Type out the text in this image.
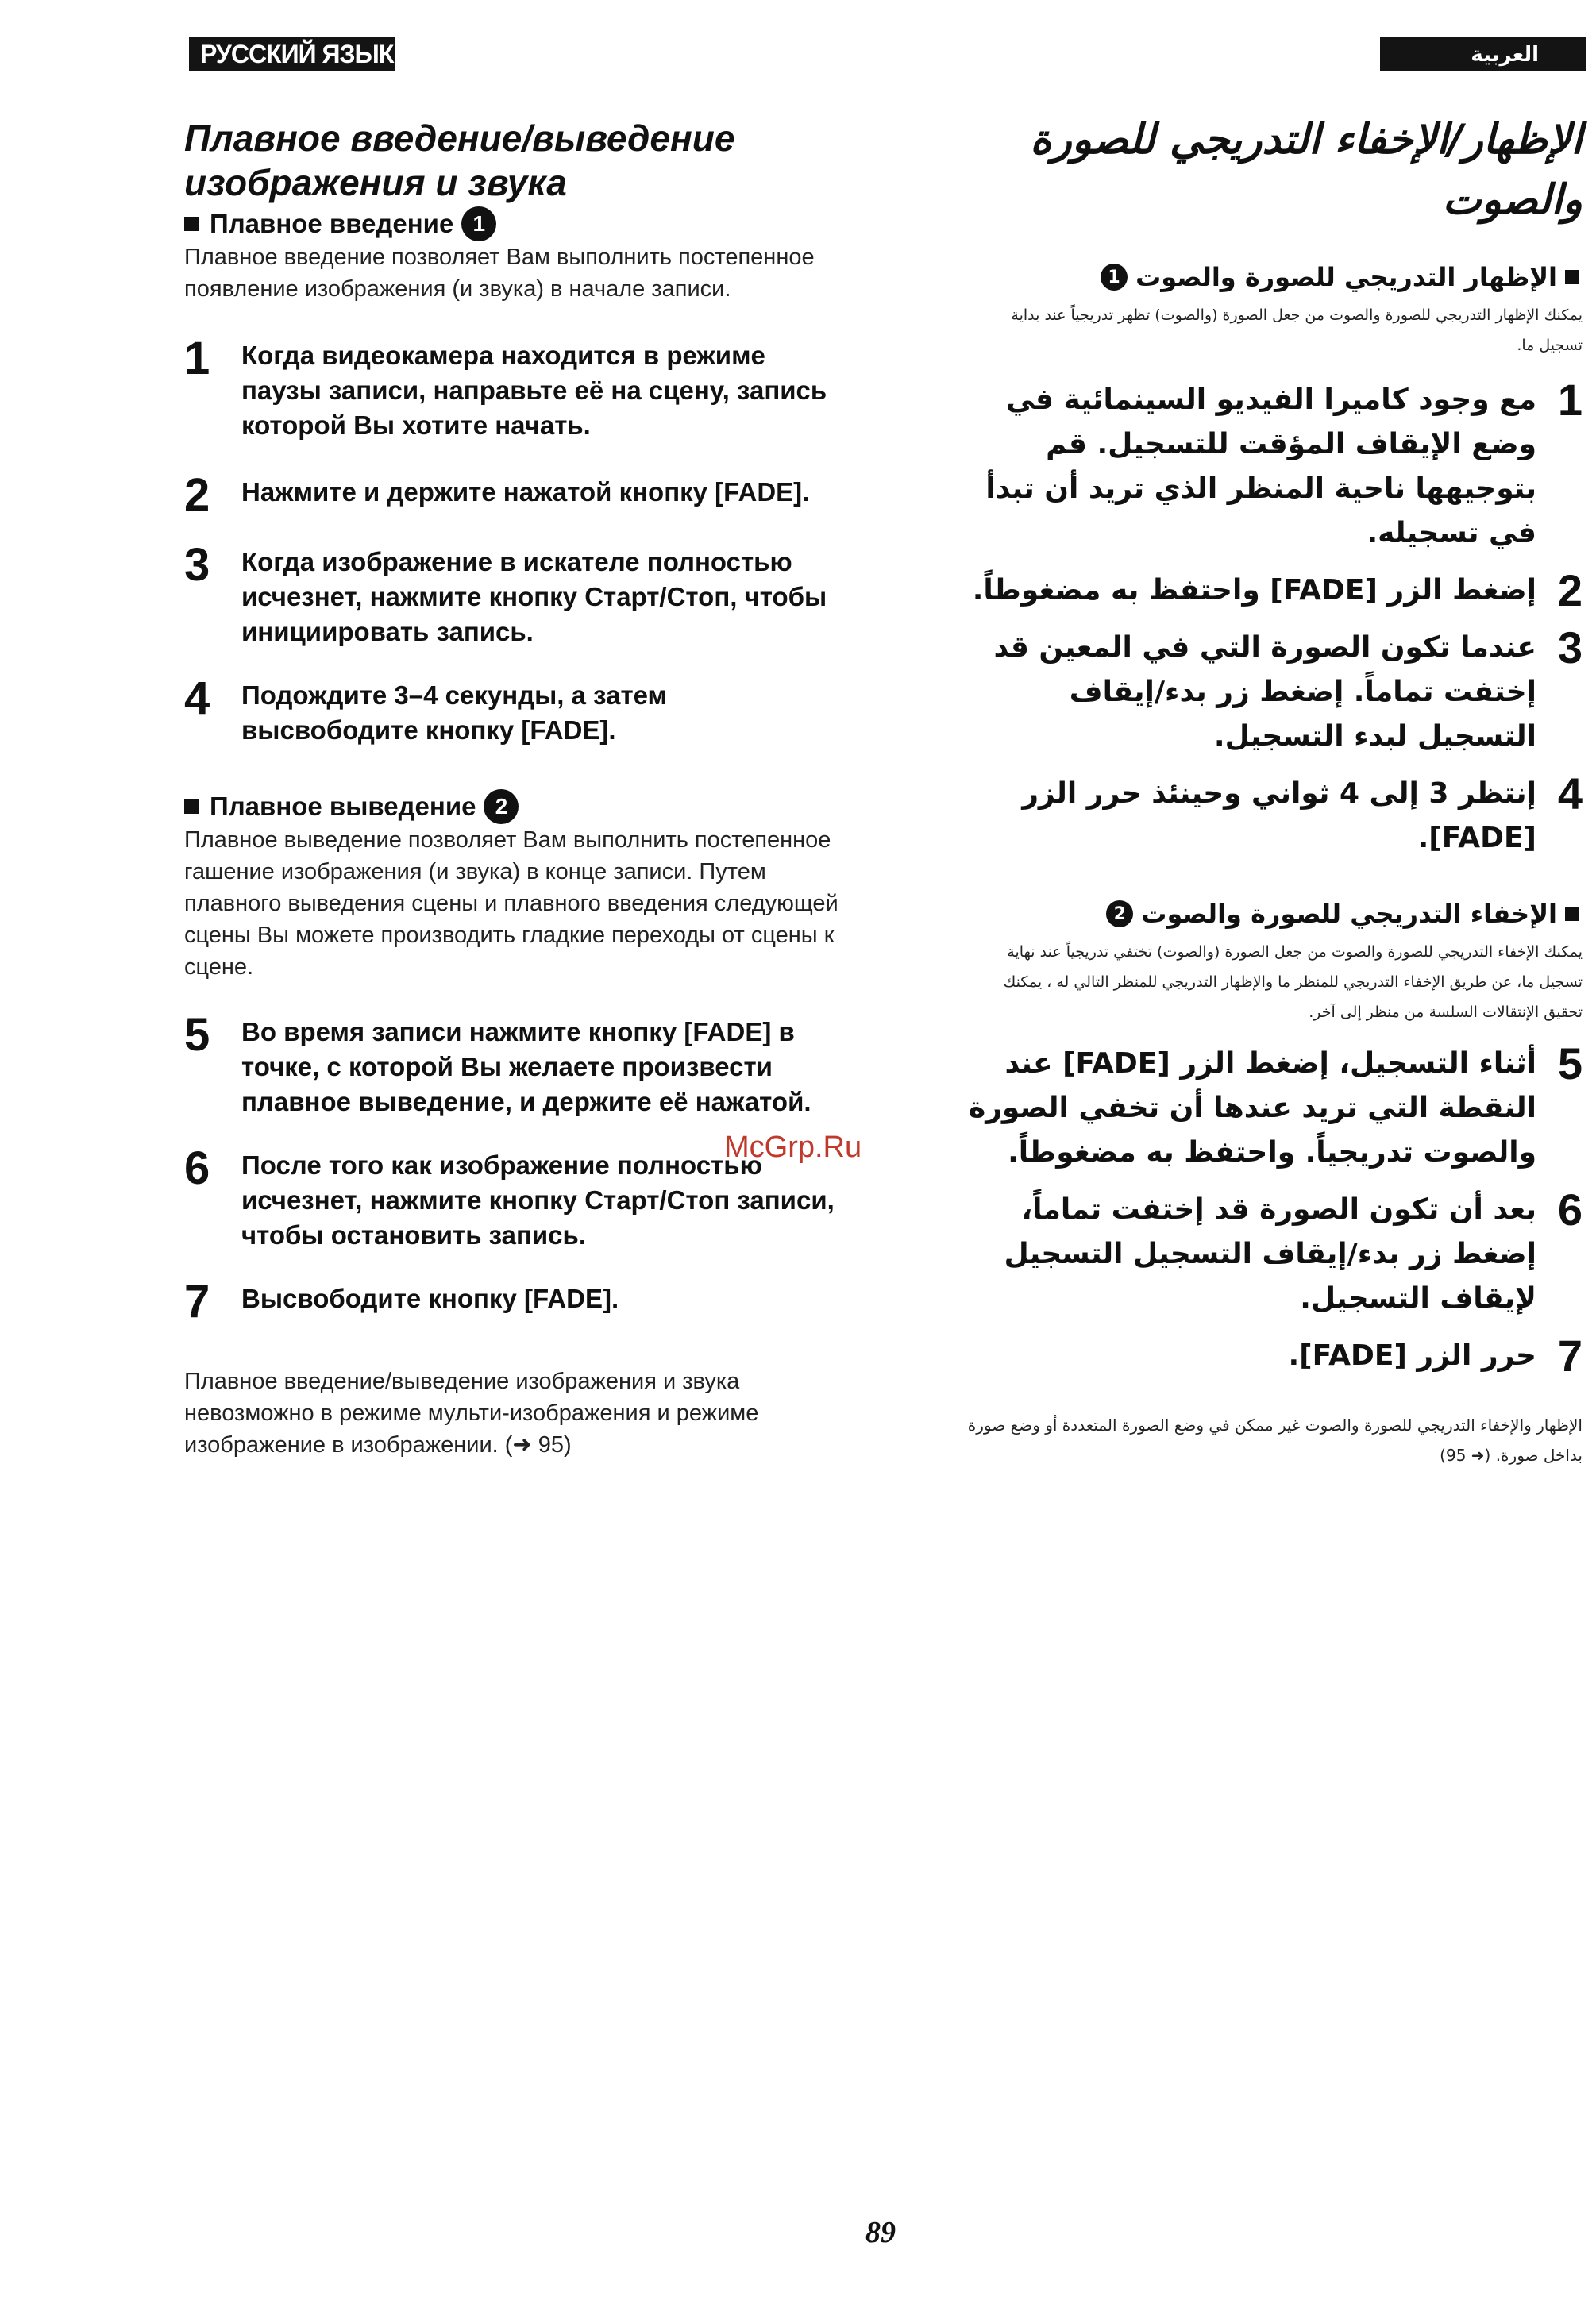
РУССКИЙ ЯЗЫК	العربية
Плавное введение/выведение изображения и звука
Плавное введение 1

Плавное введение позволяет Вам выполнить постепенное появление изображения (и звука) в начале записи.

1	Когда видеокамера находится в режиме паузы записи, направьте её на сцену, запись которой Вы хотите начать.
2	Нажмите и держите нажатой кнопку [FADE].
3	Когда изображение в искателе полностью исчезнет, нажмите кнопку Старт/Стоп, чтобы инициировать запись.
4	Подождите 3–4 секунды, а затем высвободите кнопку [FADE].
Плавное выведение 2

Плавное выведение позволяет Вам выполнить постепенное гашение изображения (и звука) в конце записи. Путем плавного выведения сцены и плавного введения следующей сцены Вы можете производить гладкие переходы от сцены к сцене.

5	Во время записи нажмите кнопку [FADE] в точке, с которой Вы желаете произвести плавное выведение, и держите её нажатой.
6	После того как изображение полностью исчезнет, нажмите кнопку Старт/Стоп записи, чтобы остановить запись.
7	Высвободите кнопку [FADE].

Плавное введение/выведение изображения и звука невозможно в режиме мульти-изображения и режиме изображение в изображении. (➜ 95)

الإظهار/الإخفاء التدريجي للصورة والصوت
الإظهار التدريجي للصورة والصوت
1

يمكنك الإظهار التدريجي للصورة والصوت من جعل الصورة (والصوت) تظهر تدريجياً عند بداية تسجيل ما.

1
مع وجود كاميرا الفيديو السينمائية في وضع الإيقاف المؤقت للتسجيل. قم بتوجيهها ناحية المنظر الذي تريد أن تبدأ في تسجيله.
2
إضغط الزر [FADE] واحتفظ به مضغوطاً.
3
عندما تكون الصورة التي في المعين قد إختفت تماماً. إضغط زر بدء/إيقاف التسجيل لبدء التسجيل.
4
إنتظر 3 إلى 4 ثواني وحينئذ حرر الزر [FADE].
الإخفاء التدريجي للصورة والصوت
2

يمكنك الإخفاء التدريجي للصورة والصوت من جعل الصورة (والصوت) تختفي تدريجياً عند نهاية تسجيل ما، عن طريق الإخفاء التدريجي للمنظر ما والإظهار التدريجي للمنظر التالي له ، يمكنك تحقيق الإنتقالات السلسة من منظر إلى آخر.

5
أثناء التسجيل، إضغط الزر [FADE] عند النقطة التي تريد عندها أن تخفي الصورة والصوت تدريجياً. واحتفظ به مضغوطاً.
6
بعد أن تكون الصورة قد إختفت تماماً، إضغط زر بدء/إيقاف التسجيل التسجيل لإيقاف التسجيل.
7
حرر الزر [FADE].

الإظهار والإخفاء التدريجي للصورة والصوت غير ممكن في وضع الصورة المتعددة أو وضع صورة بداخل صورة. (➜ 95)

McGrp.Ru
89
